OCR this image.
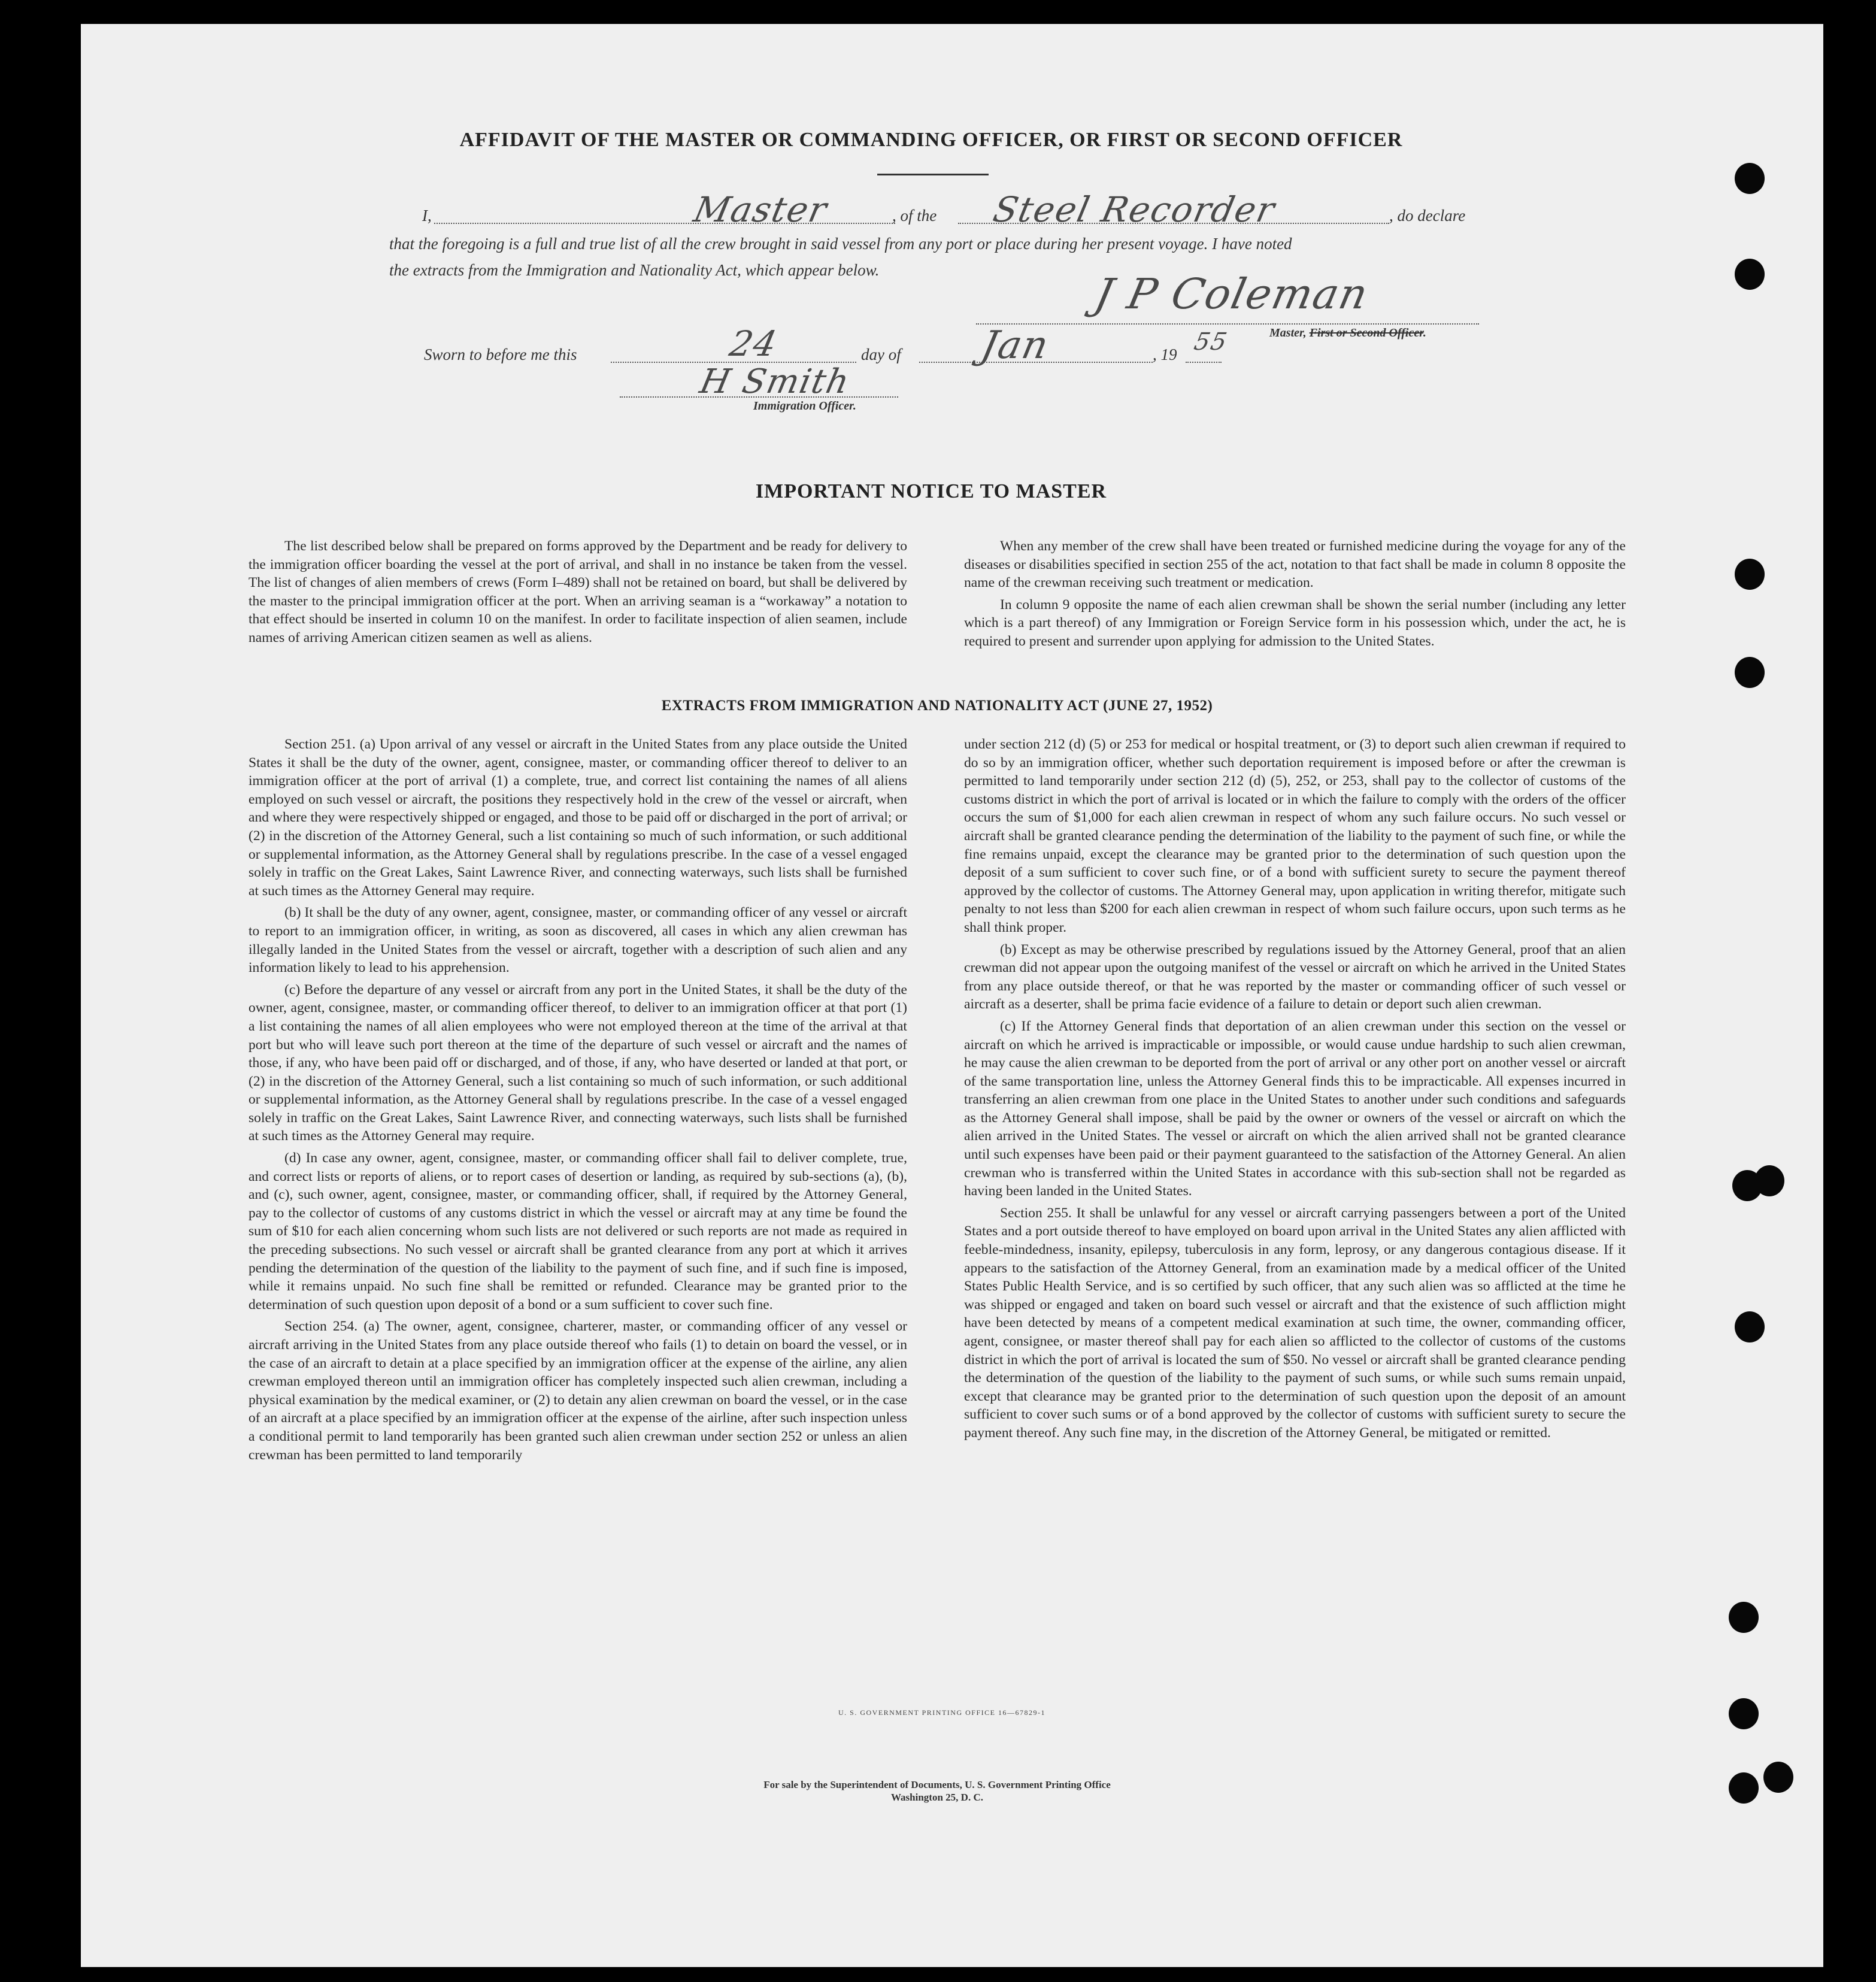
AFFIDAVIT OF THE MASTER OR COMMANDING OFFICER, OR FIRST OR SECOND OFFICER
I,	Master	, of the Steel Recorder	, do declare
that the foregoing is a full and true list of all the crew brought in said vessel from any port or place during her present voyage. I have noted
the extracts from the Immigration and Nationality Act, which appear below.	J P Coleman
Master, First or Second Officer.
Sworn to before me this	24	day of Jan	, 19 55
H Smith
Immigration Officer.
IMPORTANT NOTICE TO MASTER

The list described below shall be prepared on forms approved by the Department and be ready for delivery to the immigration officer boarding the vessel at the port of arrival, and shall in no instance be taken from the vessel. The list of changes of alien members of crews (Form I–489) shall not be retained on board, but shall be delivered by the master to the principal immigration officer at the port. When an arriving seaman is a “workaway” a notation to that effect should be inserted in column 10 on the manifest. In order to facilitate inspection of alien seamen, include names of arriving American citizen seamen as well as aliens.

When any member of the crew shall have been treated or furnished medicine during the voyage for any of the diseases or disabilities specified in section 255 of the act, notation to that fact shall be made in column 8 opposite the name of the crewman receiving such treatment or medication.

In column 9 opposite the name of each alien crewman shall be shown the serial number (including any letter which is a part thereof) of any Immigration or Foreign Service form in his possession which, under the act, he is required to present and surrender upon applying for admission to the United States.

EXTRACTS FROM IMMIGRATION AND NATIONALITY ACT (JUNE 27, 1952)

Section 251. (a) Upon arrival of any vessel or aircraft in the United States from any place outside the United States it shall be the duty of the owner, agent, consignee, master, or commanding officer thereof to deliver to an immigration officer at the port of arrival (1) a complete, true, and correct list containing the names of all aliens employed on such vessel or aircraft, the positions they respectively hold in the crew of the vessel or aircraft, when and where they were respectively shipped or engaged, and those to be paid off or discharged in the port of arrival; or (2) in the discretion of the Attorney General, such a list containing so much of such information, or such additional or supplemental information, as the Attorney General shall by regulations prescribe. In the case of a vessel engaged solely in traffic on the Great Lakes, Saint Lawrence River, and connecting waterways, such lists shall be furnished at such times as the Attorney General may require.

(b) It shall be the duty of any owner, agent, consignee, master, or commanding officer of any vessel or aircraft to report to an immigration officer, in writing, as soon as discovered, all cases in which any alien crewman has illegally landed in the United States from the vessel or aircraft, together with a description of such alien and any information likely to lead to his apprehension.

(c) Before the departure of any vessel or aircraft from any port in the United States, it shall be the duty of the owner, agent, consignee, master, or commanding officer thereof, to deliver to an immigration officer at that port (1) a list containing the names of all alien employees who were not employed thereon at the time of the arrival at that port but who will leave such port thereon at the time of the departure of such vessel or aircraft and the names of those, if any, who have been paid off or discharged, and of those, if any, who have deserted or landed at that port, or (2) in the discretion of the Attorney General, such a list containing so much of such information, or such additional or supplemental information, as the Attorney General shall by regulations prescribe. In the case of a vessel engaged solely in traffic on the Great Lakes, Saint Lawrence River, and connecting waterways, such lists shall be furnished at such times as the Attorney General may require.

(d) In case any owner, agent, consignee, master, or commanding officer shall fail to deliver complete, true, and correct lists or reports of aliens, or to report cases of desertion or landing, as required by sub-sections (a), (b), and (c), such owner, agent, consignee, master, or commanding officer, shall, if required by the Attorney General, pay to the collector of customs of any customs district in which the vessel or aircraft may at any time be found the sum of $10 for each alien concerning whom such lists are not delivered or such reports are not made as required in the preceding subsections. No such vessel or aircraft shall be granted clearance from any port at which it arrives pending the determination of the question of the liability to the payment of such fine, and if such fine is imposed, while it remains unpaid. No such fine shall be remitted or refunded. Clearance may be granted prior to the determination of such question upon deposit of a bond or a sum sufficient to cover such fine.

Section 254. (a) The owner, agent, consignee, charterer, master, or commanding officer of any vessel or aircraft arriving in the United States from any place outside thereof who fails (1) to detain on board the vessel, or in the case of an aircraft to detain at a place specified by an immigration officer at the expense of the airline, any alien crewman employed thereon until an immigration officer has completely inspected such alien crewman, including a physical examination by the medical examiner, or (2) to detain any alien crewman on board the vessel, or in the case of an aircraft at a place specified by an immigration officer at the expense of the airline, after such inspection unless a conditional permit to land temporarily has been granted such alien crewman under section 252 or unless an alien crewman has been permitted to land temporarily

under section 212 (d) (5) or 253 for medical or hospital treatment, or (3) to deport such alien crewman if required to do so by an immigration officer, whether such deportation requirement is imposed before or after the crewman is permitted to land temporarily under section 212 (d) (5), 252, or 253, shall pay to the collector of customs of the customs district in which the port of arrival is located or in which the failure to comply with the orders of the officer occurs the sum of $1,000 for each alien crewman in respect of whom any such failure occurs. No such vessel or aircraft shall be granted clearance pending the determination of the liability to the payment of such fine, or while the fine remains unpaid, except the clearance may be granted prior to the determination of such question upon the deposit of a sum sufficient to cover such fine, or of a bond with sufficient surety to secure the payment thereof approved by the collector of customs. The Attorney General may, upon application in writing therefor, mitigate such penalty to not less than $200 for each alien crewman in respect of whom such failure occurs, upon such terms as he shall think proper.

(b) Except as may be otherwise prescribed by regulations issued by the Attorney General, proof that an alien crewman did not appear upon the outgoing manifest of the vessel or aircraft on which he arrived in the United States from any place outside thereof, or that he was reported by the master or commanding officer of such vessel or aircraft as a deserter, shall be prima facie evidence of a failure to detain or deport such alien crewman.

(c) If the Attorney General finds that deportation of an alien crewman under this section on the vessel or aircraft on which he arrived is impracticable or impossible, or would cause undue hardship to such alien crewman, he may cause the alien crewman to be deported from the port of arrival or any other port on another vessel or aircraft of the same transportation line, unless the Attorney General finds this to be impracticable. All expenses incurred in transferring an alien crewman from one place in the United States to another under such conditions and safeguards as the Attorney General shall impose, shall be paid by the owner or owners of the vessel or aircraft on which the alien arrived in the United States. The vessel or aircraft on which the alien arrived shall not be granted clearance until such expenses have been paid or their payment guaranteed to the satisfaction of the Attorney General. An alien crewman who is transferred within the United States in accordance with this sub-section shall not be regarded as having been landed in the United States.

Section 255. It shall be unlawful for any vessel or aircraft carrying passengers between a port of the United States and a port outside thereof to have employed on board upon arrival in the United States any alien afflicted with feeble-mindedness, insanity, epilepsy, tuberculosis in any form, leprosy, or any dangerous contagious disease. If it appears to the satisfaction of the Attorney General, from an examination made by a medical officer of the United States Public Health Service, and is so certified by such officer, that any such alien was so afflicted at the time he was shipped or engaged and taken on board such vessel or aircraft and that the existence of such affliction might have been detected by means of a competent medical examination at such time, the owner, commanding officer, agent, consignee, or master thereof shall pay for each alien so afflicted to the collector of customs of the customs district in which the port of arrival is located the sum of $50. No vessel or aircraft shall be granted clearance pending the determination of the question of the liability to the payment of such sums, or while such sums remain unpaid, except that clearance may be granted prior to the determination of such question upon the deposit of an amount sufficient to cover such sums or of a bond approved by the collector of customs with sufficient surety to secure the payment thereof. Any such fine may, in the discretion of the Attorney General, be mitigated or remitted.

U. S. GOVERNMENT PRINTING OFFICE 16—67829-1
For sale by the Superintendent of Documents, U. S. Government Printing Office
Washington 25, D. C.
